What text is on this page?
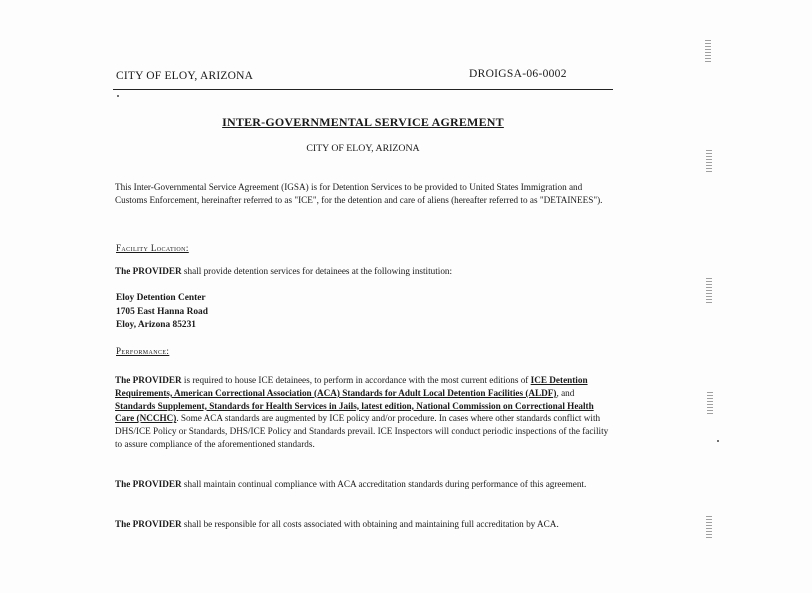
CITY OF ELOY, ARIZONA	DROIGSA-06-0002
INTER-GOVERNMENTAL SERVICE AGREMENT
CITY OF ELOY, ARIZONA
This Inter-Governmental Service Agreement (IGSA) is for Detention Services to be provided to United States Immigration and Customs Enforcement, hereinafter referred to as "ICE", for the detention and care of aliens (hereafter referred to as "DETAINEES").
Facility Location:
The PROVIDER shall provide detention services for detainees at the following institution:
Eloy Detention Center
1705 East Hanna Road
Eloy, Arizona 85231
Performance:
The PROVIDER is required to house ICE detainees, to perform in accordance with the most current editions of ICE Detention Requirements, American Correctional Association (ACA) Standards for Adult Local Detention Facilities (ALDF), and Standards Supplement, Standards for Health Services in Jails, latest edition, National Commission on Correctional Health Care (NCCHC). Some ACA standards are augmented by ICE policy and/or procedure. In cases where other standards conflict with DHS/ICE Policy or Standards, DHS/ICE Policy and Standards prevail. ICE Inspectors will conduct periodic inspections of the facility to assure compliance of the aforementioned standards.
The PROVIDER shall maintain continual compliance with ACA accreditation standards during performance of this agreement.
The PROVIDER shall be responsible for all costs associated with obtaining and maintaining full accreditation by ACA.
